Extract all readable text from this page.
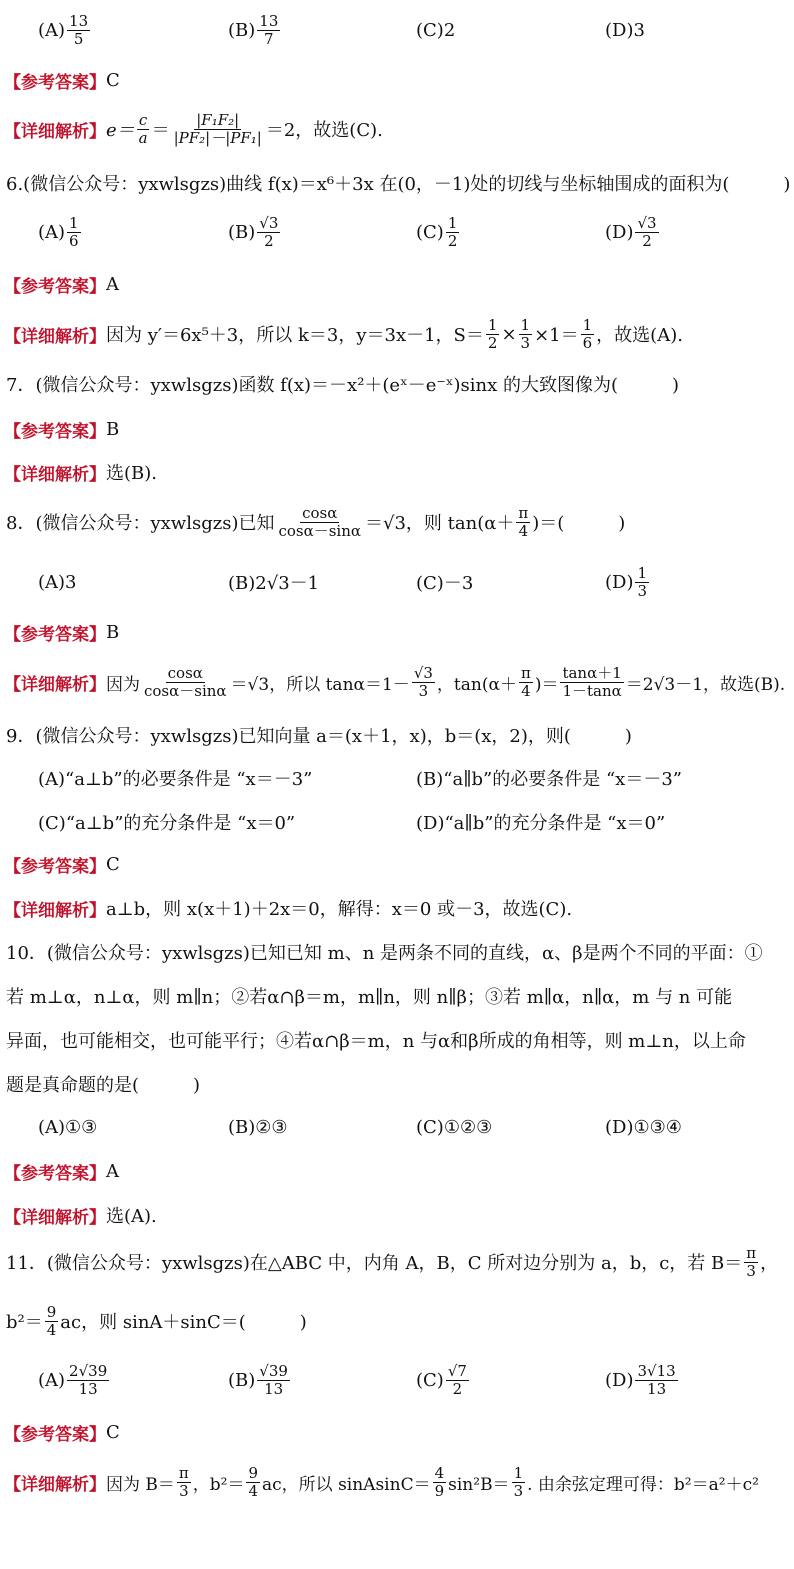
$(A) \frac{13}{5}$	$(B) \frac{13}{7}$	(C)2	(D)3
【参考答案】 C
【详细解析】 $e= \frac{c}{a} = \frac{\text{|F₁F₂|}}{\text{|PF₂|－|PF₁|}} =2$，故选(C).
6.(微信公众号：yxwlsgzs)曲线 f(x)＝x⁶＋3x 在(0，－1)处的切线与坐标轴围成的面积为(　　　)
$(A) \frac{1}{6}$	$(B) \frac{√3}{2}$	$(C) \frac{1}{2}$	$(D) \frac{√3}{2}$
【参考答案】 A
【详细解析】 因为 y′＝6x⁵＋3，所以 k＝3，y＝3x－1，$S= \frac{1}{2} \times \frac{1}{3} \times 1= \frac{1}{6}$ ，故选(A).
7．(微信公众号：yxwlsgzs)函数 f(x)＝－x²＋(eˣ－e⁻ˣ)sinx 的大致图像为(　　　)
【参考答案】 B
【详细解析】 选(B).
8．(微信公众号：yxwlsgzs)已知 $\frac{\cos\alpha}{\cos\alpha-\sin\alpha} =√3$，则 $\tan(\alpha+ \frac{\pi}{4}$ )＝(　　　)
(A)3	(B)2√3－1	(C)－3	$(D) \frac{1}{3}$
【参考答案】 B
【详细解析】 因为 $\frac{\cos\alpha}{\cos\alpha-\sin\alpha} =√3$，所以 $\tan\alpha=1- \frac{√3}{3}$ ，$\tan(\alpha+ \frac{\pi}{4}$ )＝ $\frac{\tan\alpha+1}{1-\tan\alpha} =2√3-1$，故选(B).
9．(微信公众号：yxwlsgzs)已知向量 a＝(x＋1，x)，b＝(x，2)，则(　　　)
(A)“a⊥b”的必要条件是 “x＝－3”	(B)“a∥b”的必要条件是 “x＝－3”
(C)“a⊥b”的充分条件是 “x＝0”	(D)“a∥b”的充分条件是 “x＝0”
【参考答案】 C
【详细解析】 a⊥b，则 x(x＋1)＋2x＝0，解得：x＝0 或－3，故选(C).
10．(微信公众号：yxwlsgzs)已知已知 m、n 是两条不同的直线，α、β是两个不同的平面：①
若 m⊥α，n⊥α，则 m∥n；②若α∩β＝m，m∥n，则 n∥β；③若 m∥α，n∥α，m 与 n 可能
异面，也可能相交，也可能平行；④若α∩β＝m，n 与α和β所成的角相等，则 m⊥n，以上命
题是真命题的是(　　　)
(A)①③	(B)②③	(C)①②③	(D)①③④
【参考答案】 A
【详细解析】 选(A).
11．(微信公众号：yxwlsgzs)在△ABC 中，内角 A，B，C 所对边分别为 a，b，c，若 $B= \frac{\pi}{3}$ ，
$b^2= \frac{9}{4}$ ac，则 sinA＋sinC＝(　　　)
$(A) \frac{2√39}{13}$	$(B) \frac{√39}{13}$	$(C) \frac{√7}{2}$	$(D) \frac{3√13}{13}$
【参考答案】 C
【详细解析】 因为 $B= \frac{\pi}{3}$ ，$b^2= \frac{9}{4}$ ac，所以 sinAsinC＝ $\frac{4}{9} \sin^2B= \frac{1}{3}$ . 由余弦定理可得：b²＝a²＋c²
